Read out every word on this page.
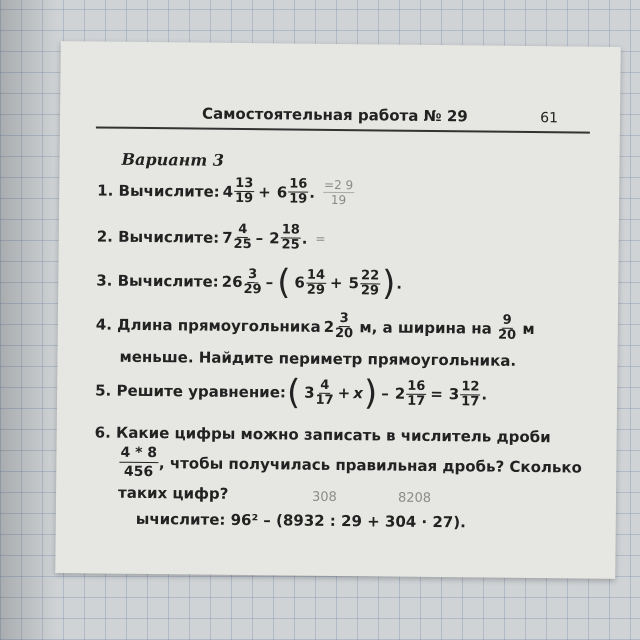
Самостоятельная работа № 29	61
Вариант 3
1.
Вычислите: $4 \frac{13}{19} + 6 \frac{16}{19}$ . $\frac{=2 9}{19}$
2.
Вычислите: $7 \frac{4}{25} - 2 \frac{18}{25}$ . =
3.
Вычислите: $26 \frac{3}{29}$ – ( $6 \frac{14}{29} + 5 \frac{22}{29}$ ) .
4.
Длина прямоугольника $2 \frac{3}{20}$
м, а ширина на
$\frac{9}{20}$
м
меньше. Найдите периметр прямоугольника.
5.
Решите уравнение: ( $3 \frac{4}{17} + x$ ) – $2 \frac{16}{17} = 3 \frac{12}{17}$ .
6. Какие цифры можно записать в числитель дроби
$\frac{4 * 8}{456}$ , чтобы получилась правильная дробь? Сколько
таких цифр?	308	8208
ычислите: 96² – (8932 : 29 + 304 · 27).
